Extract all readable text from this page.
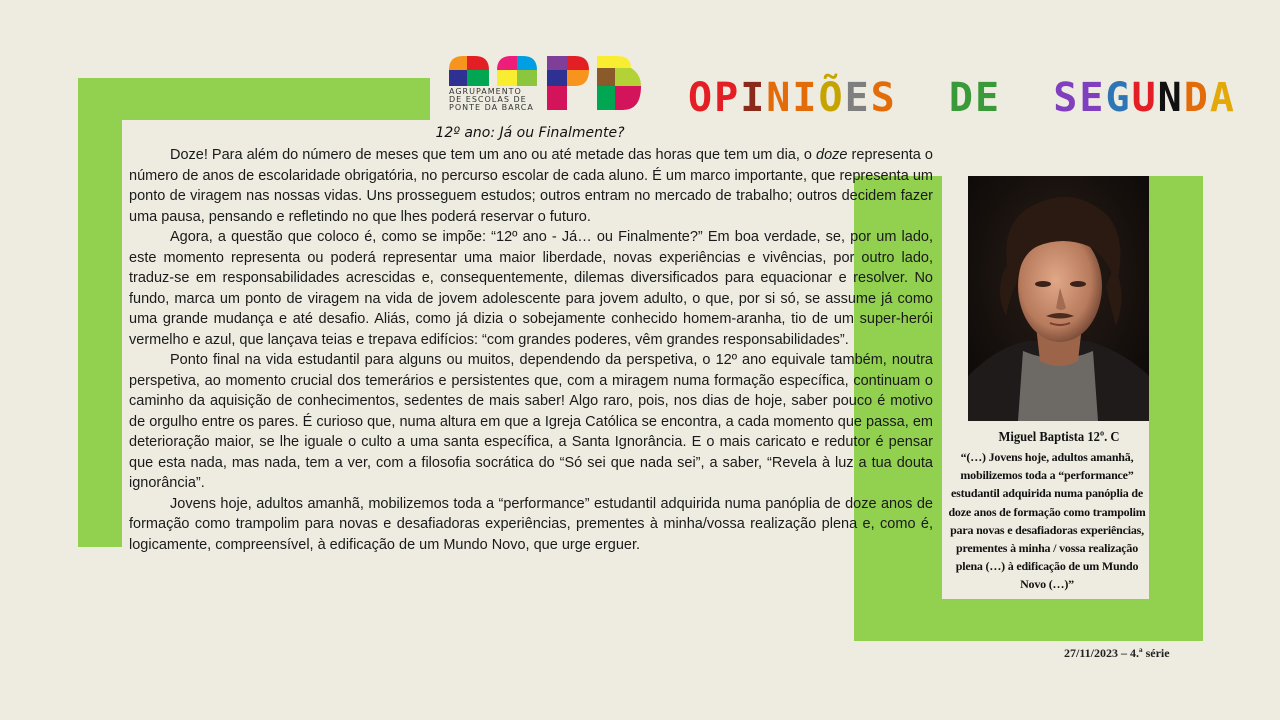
AGRUPAMENTO
DE ESCOLAS DE
PONTE DA BARCA	OPINIÕES DE SEGUNDA
12º ano: Já ou Finalmente?

Doze! Para além do número de meses que tem um ano ou até metade das horas que tem um dia, o doze representa o número de anos de escolaridade obrigatória, no percurso escolar de cada aluno. É um marco importante, que representa um ponto de viragem nas nossas vidas. Uns prosseguem estudos; outros entram no mercado de trabalho; outros decidem fazer uma pausa, pensando e refletindo no que lhes poderá reservar o futuro.

Agora, a questão que coloco é, como se impõe: “12º ano - Já… ou Finalmente?” Em boa verdade, se, por um lado, este momento representa ou poderá representar uma maior liberdade, novas experiências e vivências, por outro lado, traduz-se em responsabilidades acrescidas e, consequentemente, dilemas diversificados para equacionar e resolver. No fundo, marca um ponto de viragem na vida de jovem adolescente para jovem adulto, o que, por si só, se assume já como uma grande mudança e até desafio. Aliás, como já dizia o sobejamente conhecido homem-aranha, tio de um super-herói vermelho e azul, que lançava teias e trepava edifícios: “com grandes poderes, vêm grandes responsabilidades”.

Ponto final na vida estudantil para alguns ou muitos, dependendo da perspetiva, o 12º ano equivale também, noutra perspetiva, ao momento crucial dos temerários e persistentes que, com a miragem numa formação específica, continuam o caminho da aquisição de conhecimentos, sedentes de mais saber! Algo raro, pois, nos dias de hoje, saber pouco é motivo de orgulho entre os pares. É curioso que, numa altura em que a Igreja Católica se encontra, a cada momento que passa, em deterioração maior, se lhe iguale o culto a uma santa específica, a Santa Ignorância. E o mais caricato e redutor é pensar que esta nada, mas nada, tem a ver, com a filosofia socrática do “Só sei que nada sei”, a saber, “Revela à luz a tua douta ignorância”.

Jovens hoje, adultos amanhã, mobilizemos toda a “performance” estudantil adquirida numa panóplia de doze anos de formação como trampolim para novas e desafiadoras experiências, prementes à minha/vossa realização plena e, como é, logicamente, compreensível, à edificação de um Mundo Novo, que urge erguer.

Miguel Baptista 12º. C
“(…) Jovens hoje, adultos amanhã, mobilizemos toda a “performance” estudantil adquirida numa panóplia de doze anos de formação como trampolim para novas e desafiadoras experiências, prementes à minha / vossa realização plena (…) à edificação de um Mundo Novo (…)”
27/11/2023 – 4.ª série
